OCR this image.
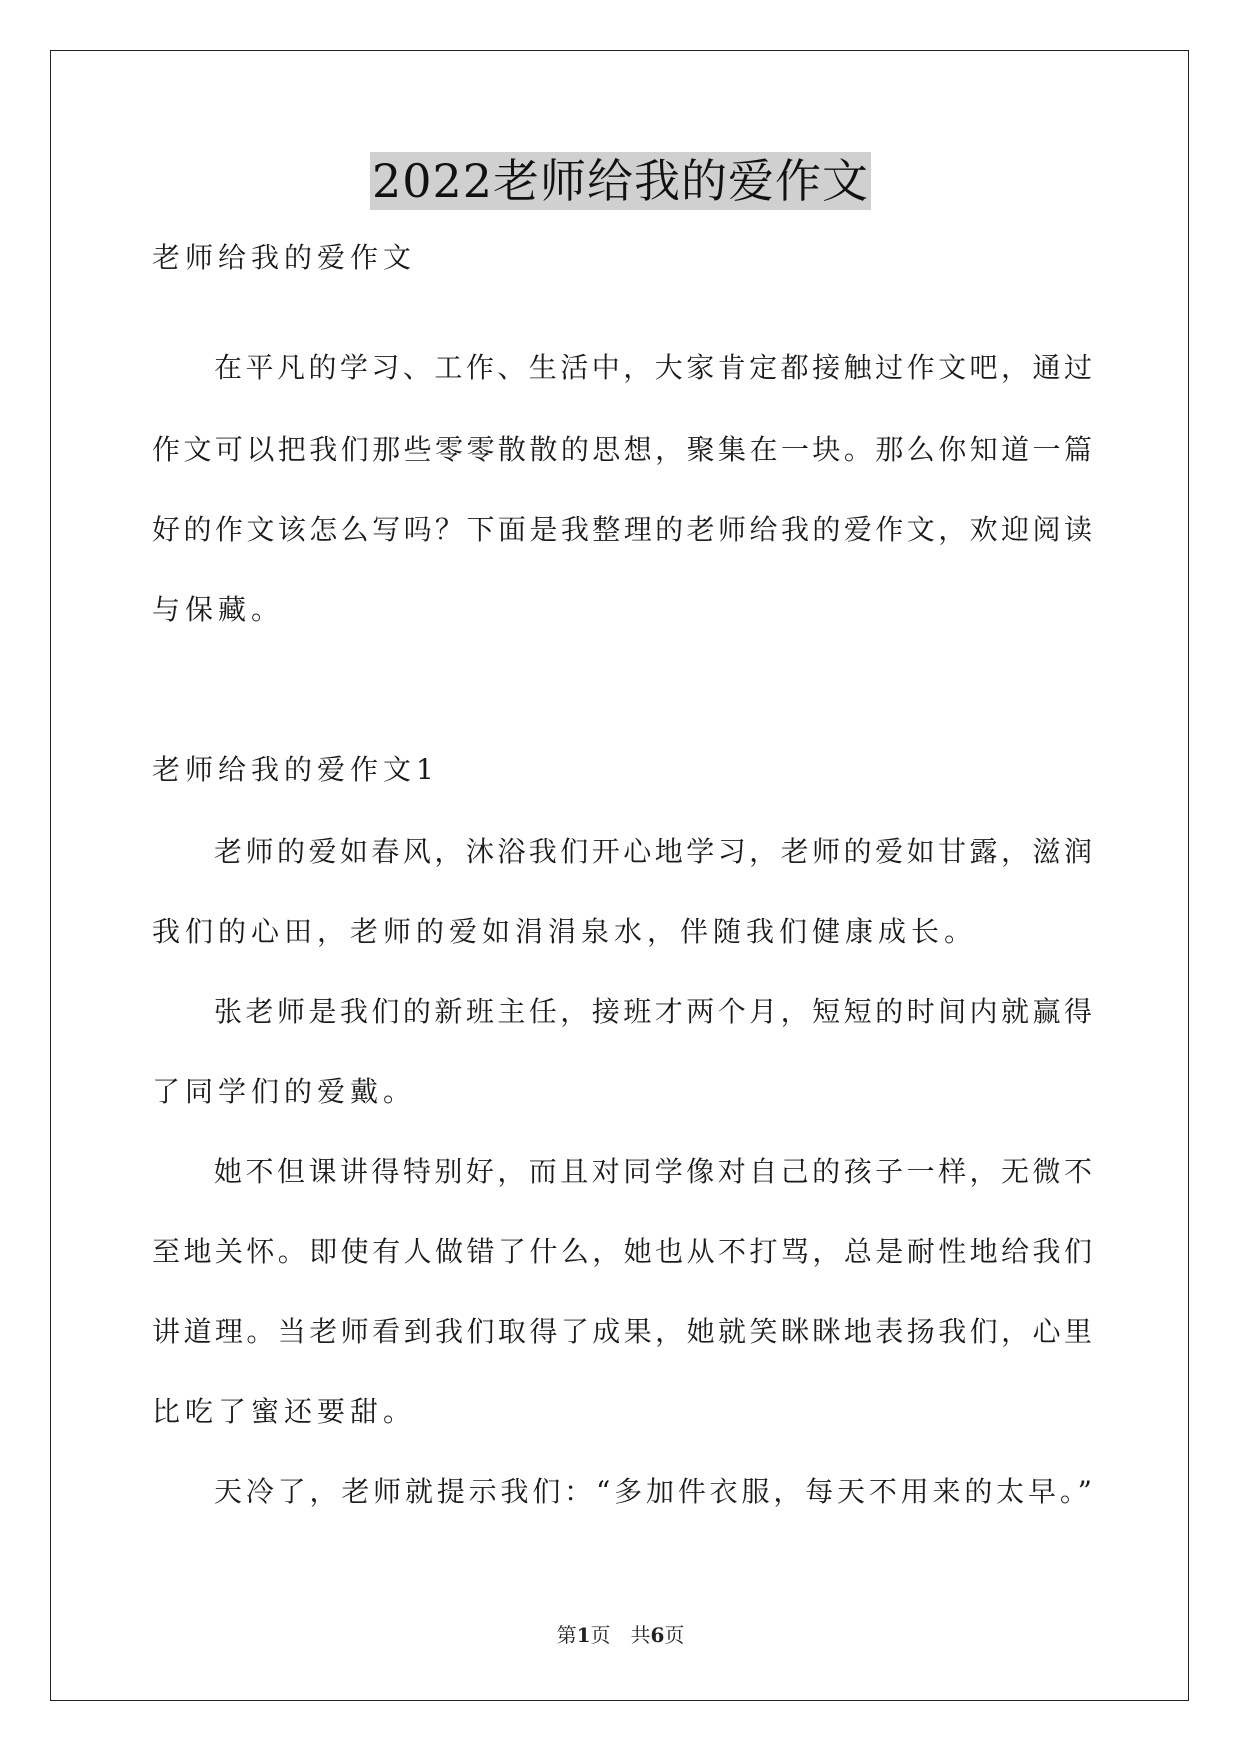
2022老师给我的爱作文
老师给我的爱作文
在平凡的学习、工作、生活中，大家肯定都接触过作文吧，通过
作文可以把我们那些零零散散的思想，聚集在一块。那么你知道一篇
好的作文该怎么写吗？下面是我整理的老师给我的爱作文，欢迎阅读
与保藏。
老师给我的爱作文1
老师的爱如春风，沐浴我们开心地学习，老师的爱如甘露，滋润
我们的心田，老师的爱如涓涓泉水，伴随我们健康成长。
张老师是我们的新班主任，接班才两个月，短短的时间内就赢得
了同学们的爱戴。
她不但课讲得特别好，而且对同学像对自己的孩子一样，无微不
至地关怀。即使有人做错了什么，她也从不打骂，总是耐性地给我们
讲道理。当老师看到我们取得了成果，她就笑眯眯地表扬我们，心里
比吃了蜜还要甜。
天冷了，老师就提示我们：“多加件衣服，每天不用来的太早。”
第1页　共6页
